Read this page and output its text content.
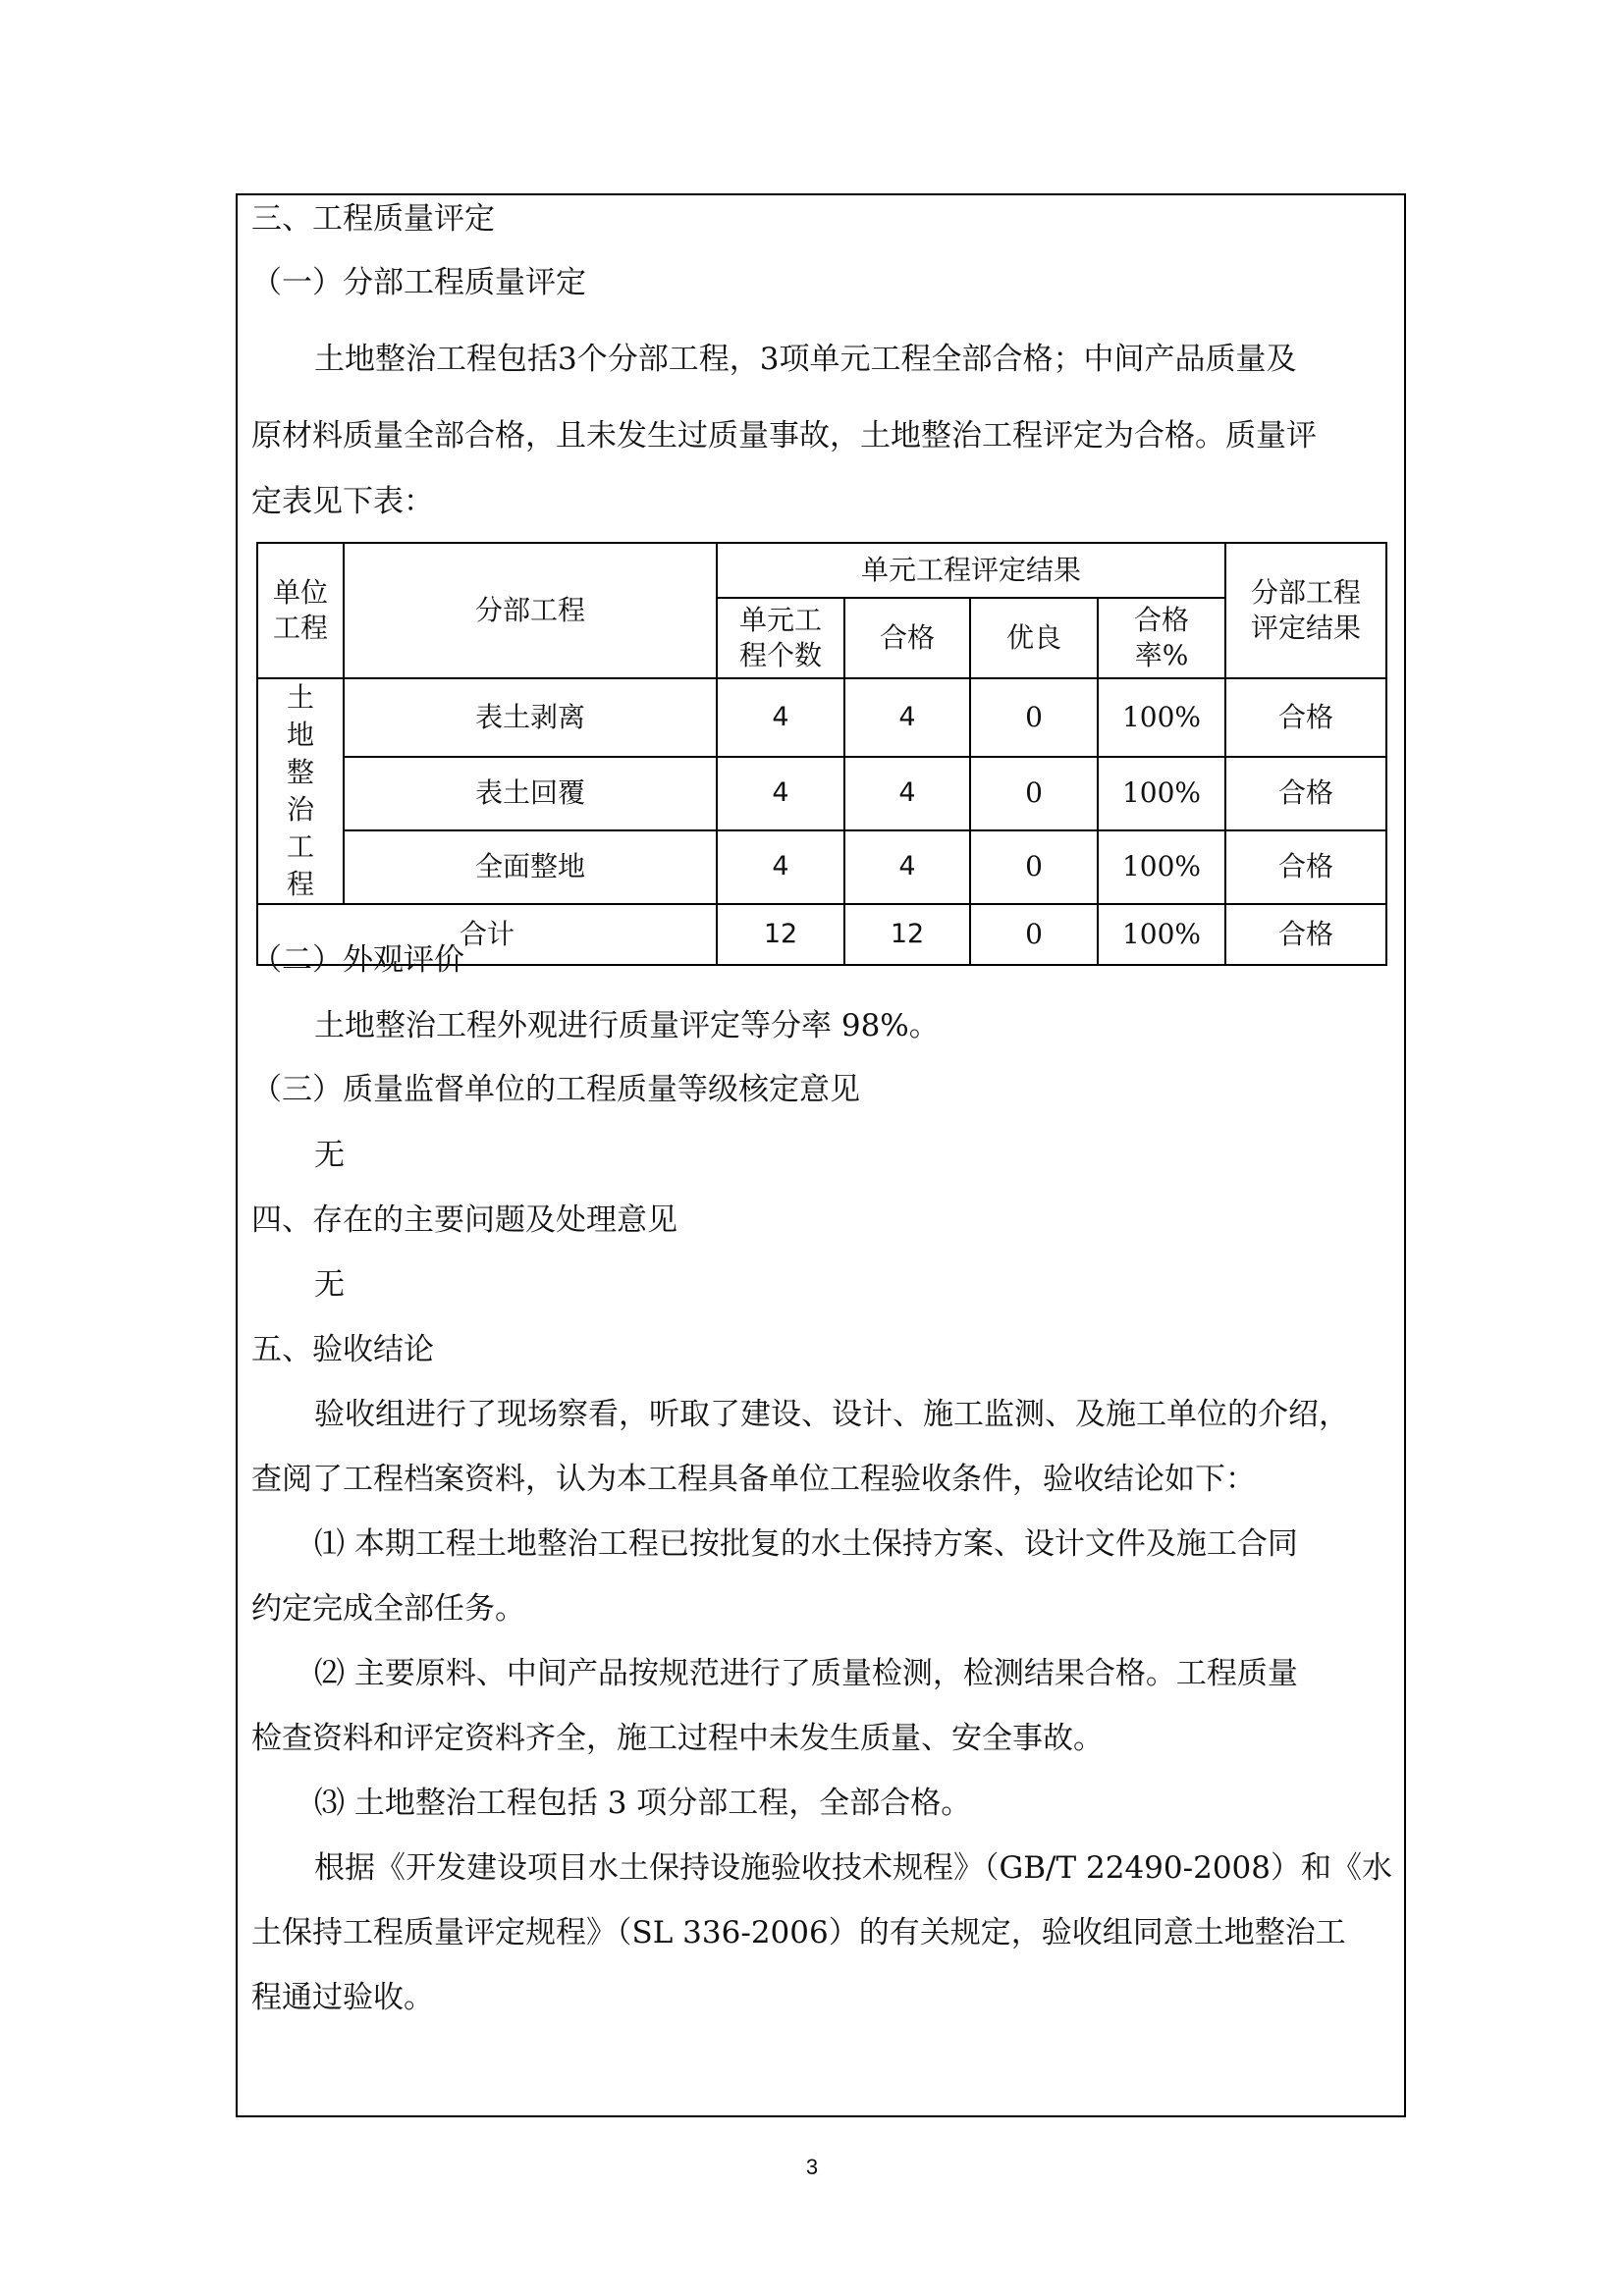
三、工程质量评定
（一）分部工程质量评定
土地整治工程包括3个分部工程，3项单元工程全部合格；中间产品质量及
原材料质量全部合格，且未发生过质量事故，土地整治工程评定为合格。质量评
定表见下表：
单位工程	分部工程	单元工程评定结果				分部工程评定结果

		单元工程个数	合格	优良	合格率%	

土地整治工程	表土剥离	4	4	0	100%	合格
	表土回覆	4	4	0	100%	合格
	全面整地	4	4	0	100%	合格
合计		12	12	0	100%	合格
（二）外观评价
土地整治工程外观进行质量评定等分率 98%。
（三）质量监督单位的工程质量等级核定意见
无
四、存在的主要问题及处理意见
无
五、验收结论
验收组进行了现场察看，听取了建设、设计、施工监测、及施工单位的介绍，
查阅了工程档案资料，认为本工程具备单位工程验收条件，验收结论如下：
⑴ 本期工程土地整治工程已按批复的水土保持方案、设计文件及施工合同
约定完成全部任务。
⑵ 主要原料、中间产品按规范进行了质量检测，检测结果合格。工程质量
检查资料和评定资料齐全，施工过程中未发生质量、安全事故。
⑶ 土地整治工程包括 3 项分部工程，全部合格。
根据《开发建设项目水土保持设施验收技术规程》（GB/T 22490-2008）和《水
土保持工程质量评定规程》（SL 336-2006）的有关规定，验收组同意土地整治工
程通过验收。
3
